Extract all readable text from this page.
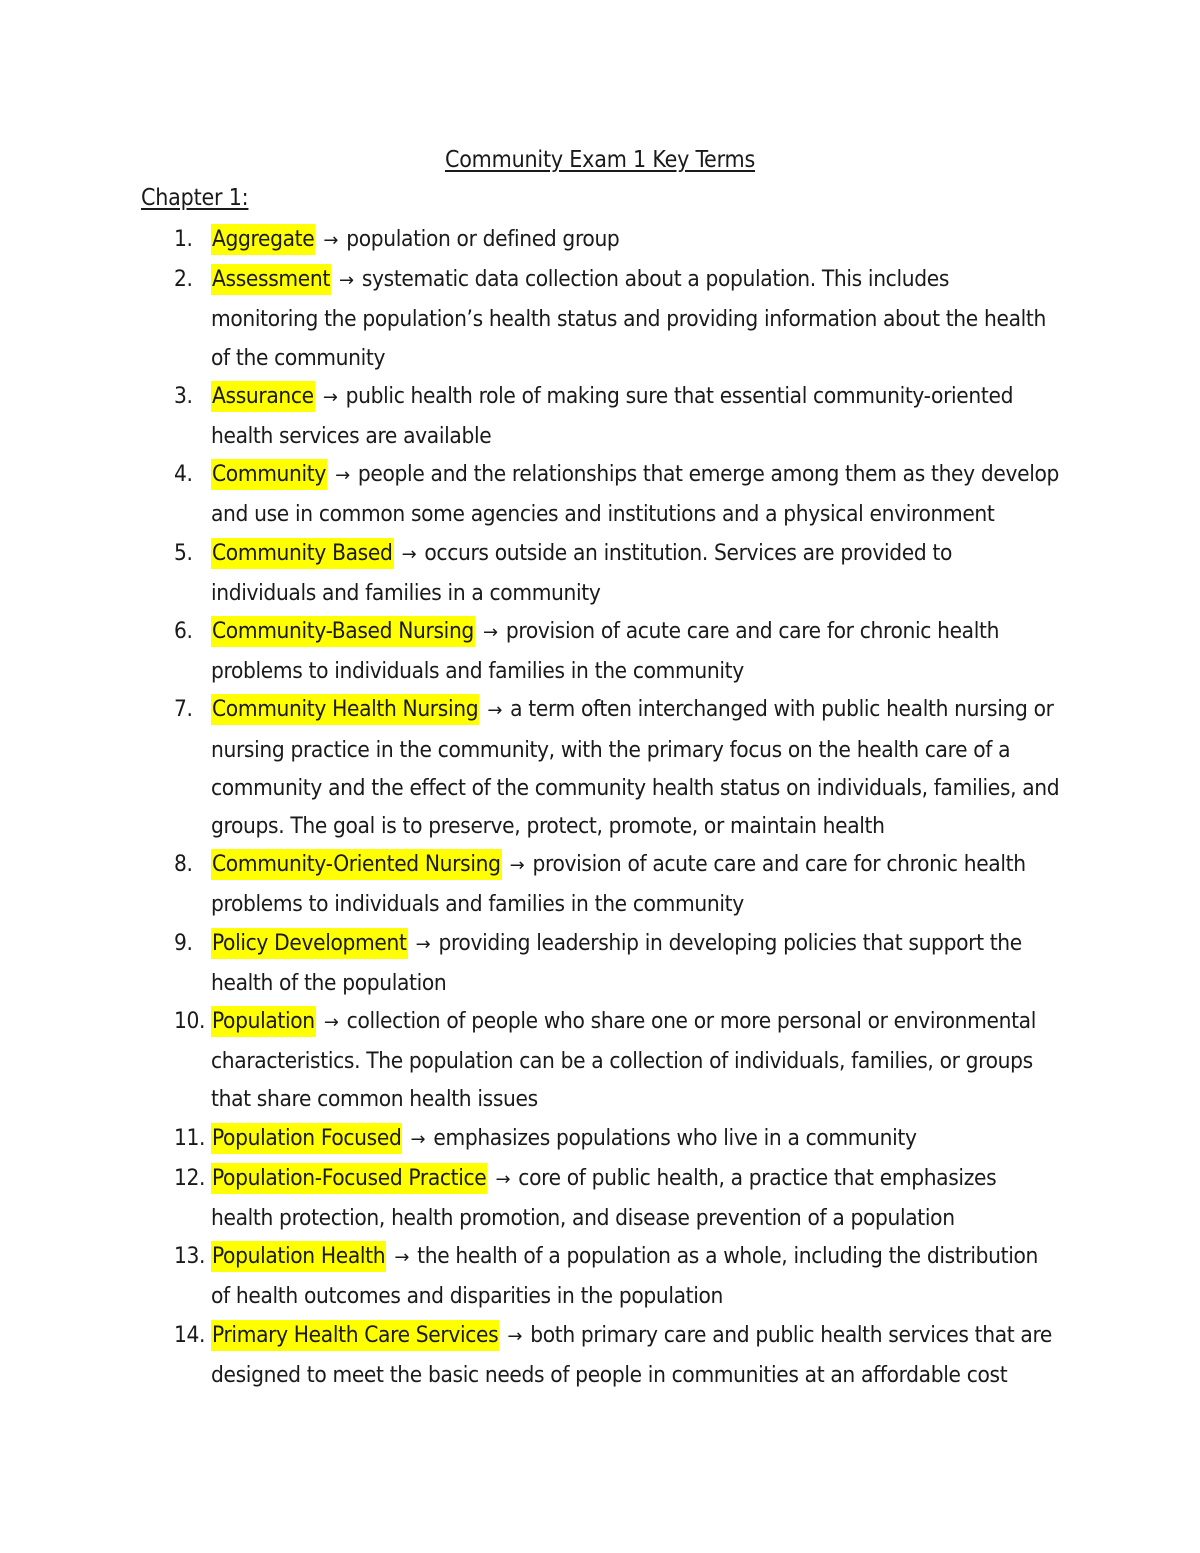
Community Exam 1 Key Terms
Chapter 1:
1. Aggregate → population or defined group
2. Assessment → systematic data collection about a population. This includes monitoring the population’s health status and providing information about the health of the community
3. Assurance → public health role of making sure that essential community-oriented health services are available
4. Community → people and the relationships that emerge among them as they develop and use in common some agencies and institutions and a physical environment
5. Community Based → occurs outside an institution. Services are provided to individuals and families in a community
6. Community-Based Nursing → provision of acute care and care for chronic health problems to individuals and families in the community
7. Community Health Nursing → a term often interchanged with public health nursing or nursing practice in the community, with the primary focus on the health care of a community and the effect of the community health status on individuals, families, and groups. The goal is to preserve, protect, promote, or maintain health
8. Community-Oriented Nursing → provision of acute care and care for chronic health problems to individuals and families in the community
9. Policy Development → providing leadership in developing policies that support the health of the population
10. Population → collection of people who share one or more personal or environmental characteristics. The population can be a collection of individuals, families, or groups that share common health issues
11. Population Focused → emphasizes populations who live in a community
12. Population-Focused Practice → core of public health, a practice that emphasizes health protection, health promotion, and disease prevention of a population
13. Population Health → the health of a population as a whole, including the distribution of health outcomes and disparities in the population
14. Primary Health Care Services → both primary care and public health services that are designed to meet the basic needs of people in communities at an affordable cost
